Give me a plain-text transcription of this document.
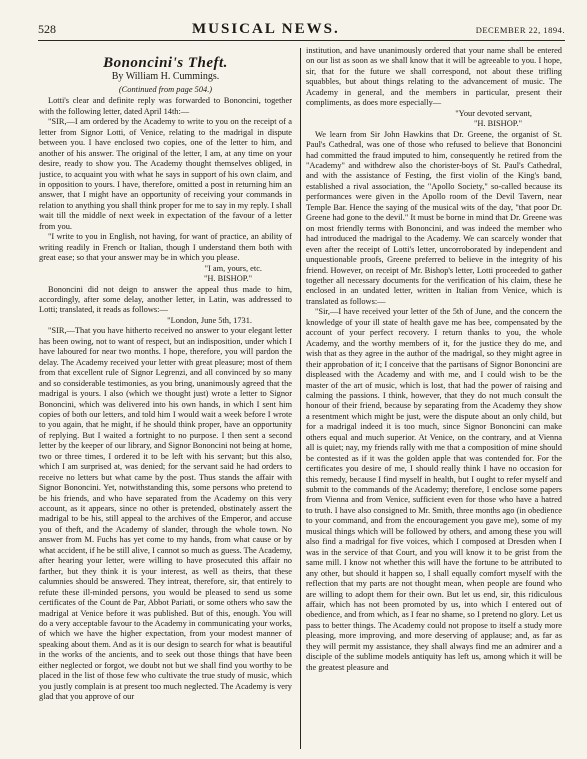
528	MUSICAL NEWS.	DECEMBER 22, 1894.

Bononcini's Theft.

By William H. Cummings.

(Continued from page 504.)

Lotti's clear and definite reply was forwarded to Bononcini, together with the following letter, dated April 14th:—

"SIR,—I am ordered by the Academy to write to you on the receipt of a letter from Signor Lotti, of Venice, relating to the madrigal in dispute between you. I have enclosed two copies, one of the letter to him, and another of his answer. The original of the letter, I am, at any time on your desire, ready to show you. The Academy thought themselves obliged, in justice, to acquaint you with what he says in support of his own claim, and in opposition to yours. I have, therefore, omitted a post in returning him an answer, that I might have an opportunity of receiving your commands in relation to anything you shall think proper for me to say in my reply. I shall wait till the middle of next week in expectation of the favour of a letter from you.

"I write to you in English, not having, for want of practice, an ability of writing readily in French or Italian, though I understand them both with great ease; so that your answer may be in which you please.

"I am, yours, etc.

"H. BISHOP."

Bononcini did not deign to answer the appeal thus made to him, accordingly, after some delay, another letter, in Latin, was addressed to Lotti; translated, it reads as follows:—

"London, June 5th, 1731.

"SIR,—That you have hitherto received no answer to your elegant letter has been owing, not to want of respect, but an indisposition, under which I have laboured for near two months. I hope, therefore, you will pardon the delay. The Academy received your letter with great pleasure; most of them from that excellent rule of Signor Legrenzi, and all convinced by so many and so considerable testimonies, as you bring, unanimously agreed that the madrigal is yours. I also (which we thought just) wrote a letter to Signor Bononcini, which was delivered into his own hands, in which I sent him copies of both our letters, and told him I would wait a week before I wrote to you again, that he might, if he should think proper, have an opportunity of replying. But I waited a fortnight to no purpose. I then sent a second letter by the keeper of our library, and Signor Bononcini not being at home, two or three times, I ordered it to be left with his servant; but this also, which I am surprised at, was denied; for the servant said he had orders to receive no letters but what came by the post. Thus stands the affair with Signor Bononcini. Yet, notwithstanding this, some persons who pretend to be his friends, and who have separated from the Academy on this very account, as it appears, since no other is pretended, obstinately assert the madrigal to be his, still appeal to the archives of the Emperor, and accuse you of theft, and the Academy of slander, through the whole town. No answer from M. Fuchs has yet come to my hands, from what cause or by what accident, if he be still alive, I cannot so much as guess. The Academy, after hearing your letter, were willing to have prosecuted this affair no farther, but they think it is your interest, as well as theirs, that these calumnies should be answered. They intreat, therefore, sir, that entirely to refute these ill-minded persons, you would be pleased to send us some certificates of the Count de Par, Abbot Pariati, or some others who saw the madrigal at Venice before it was published. But of this, enough. You will do a very acceptable favour to the Academy in communicating your works, of which we have the higher expectation, from your modest manner of speaking about them. And as it is our design to search for what is beautiful in the works of the ancients, and to seek out those things that have been either neglected or forgot, we doubt not but we shall find you worthy to be placed in the list of those few who cultivate the true study of music, which you justly complain is at present too much neglected. The Academy is very glad that you approve of our

institution, and have unanimously ordered that your name shall be entered on our list as soon as we shall know that it will be agreeable to you. I hope, sir, that for the future we shall correspond, not about these trifling squabbles, but about things relating to the advancement of music. The Academy in general, and the members in particular, present their compliments, as does more especially—

"Your devoted servant,

"H. BISHOP."

We learn from Sir John Hawkins that Dr. Greene, the organist of St. Paul's Cathedral, was one of those who refused to believe that Bononcini had committed the fraud imputed to him, consequently he retired from the "Academy" and withdrew also the chorister-boys of St. Paul's Cathedral, and with the assistance of Festing, the first violin of the King's band, established a rival association, the "Apollo Society," so-called because its performances were given in the Apollo room of the Devil Tavern, near Temple Bar. Hence the saying of the musical wits of the day, "that poor Dr. Greene had gone to the devil." It must be borne in mind that Dr. Greene was on most friendly terms with Bononcini, and was indeed the member who had introduced the madrigal to the Academy. We can scarcely wonder that even after the receipt of Lotti's letter, uncorroborated by independent and unquestionable proofs, Greene preferred to believe in the integrity of his friend. However, on receipt of Mr. Bishop's letter, Lotti proceeded to gather together all necessary documents for the verification of his claim, these he enclosed in an undated letter, written in Italian from Venice, which is translated as follows:—

"Sir,—I have received your letter of the 5th of June, and the concern the knowledge of your ill state of health gave me has bee, compensated by the account of your perfect recovery. I return thanks to you, the whole Academy, and the worthy members of it, for the justice they do me, and wish that as they agree in the author of the madrigal, so they might agree in their approbation of it; I conceive that the partisans of Signor Bononcini are displeased with the Academy and with me, and I could wish to be the master of the art of music, which is lost, that had the power of raising and calming the passions. I think, however, that they do not much consult the honour of their friend, because by separating from the Academy they show a resentment which might be just, were the dispute about an only child, but for a madrigal indeed it is too much, since Signor Bononcini can make others equal and much superior. At Venice, on the contrary, and at Vienna all is quiet; nay, my friends rally with me that a composition of mine should be contested as if it was the golden apple that was contended for. For the certificates you desire of me, I should really think I have no occasion for this remedy, because I find myself in health, but I ought to refer myself and submit to the commands of the Academy; therefore, I enclose some papers from Vienna and from Venice, sufficient even for those who have a hatred to truth. I have also consigned to Mr. Smith, three months ago (in obedience to your command, and from the encouragement you gave me), some of my musical things which will be followed by others, and among these you will also find a madrigal for five voices, which I composed at Dresden when I was in the service of that Court, and you will know it to be grist from the same mill. I know not whether this will have the fortune to be attributed to any other, but should it happen so, I shall equally comfort myself with the reflection that my parts are not thought mean, when people are found who are willing to adopt them for their own. But let us end, sir, this ridiculous affair, which has not been promoted by us, into which I entered out of obedience, and from which, as I fear no shame, so I pretend no glory. Let us pass to better things. The Academy could not propose to itself a study more pleasing, more improving, and more deserving of applause; and, as far as they will permit my assistance, they shall always find me an admirer and a disciple of the sublime models antiquity has left us, among which it will be the greatest pleasure and
